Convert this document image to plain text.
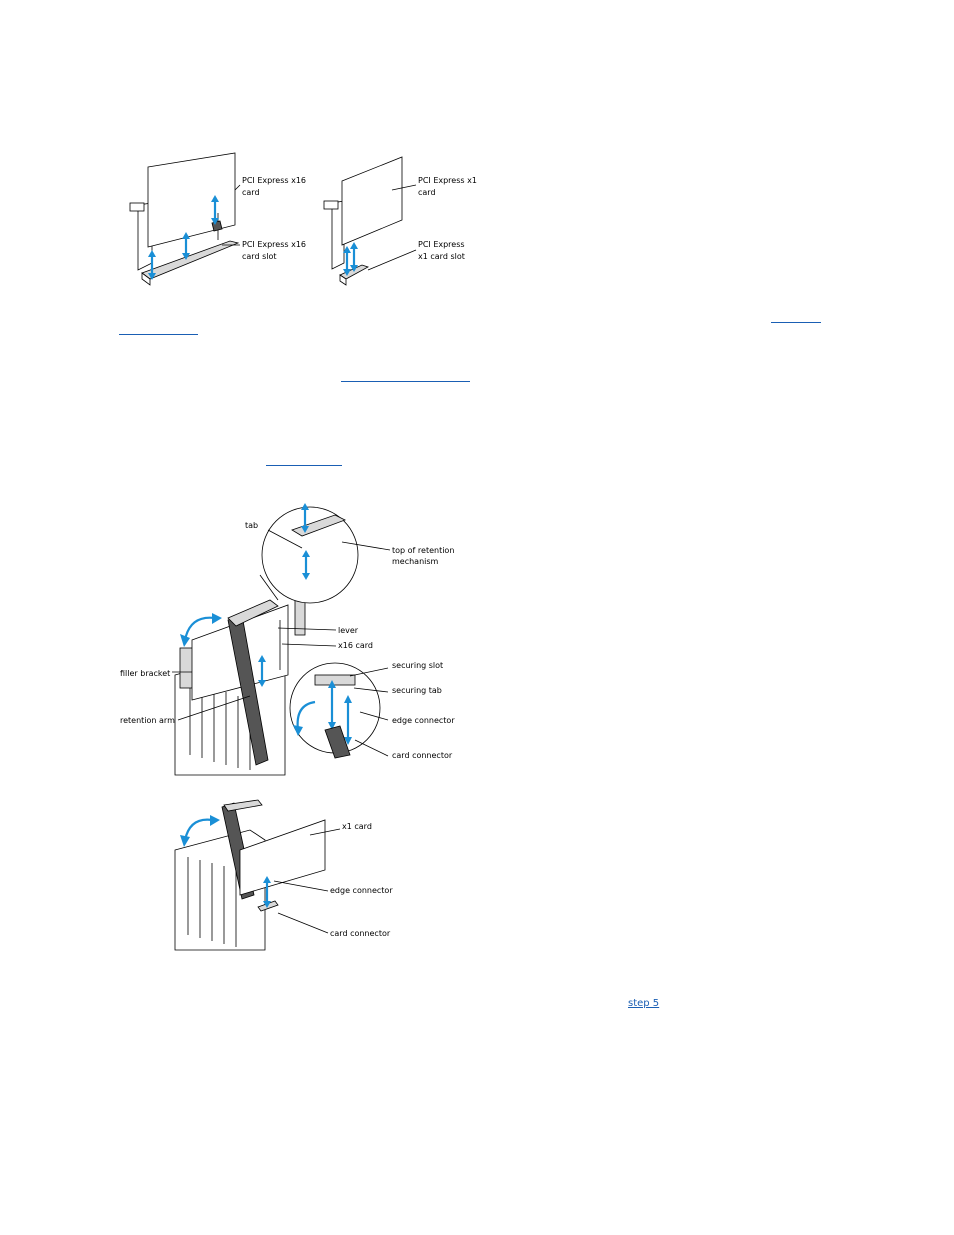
PCI Express x16
card
PCI Express x16
card slot
PCI Express x1
card
PCI Express
x1 card slot
tab
top of retention
mechanism
lever
x16 card
filler bracket
securing slot
securing tab
retention arm	edge connector
card connector
x1 card
edge connector
card connector
step 5
